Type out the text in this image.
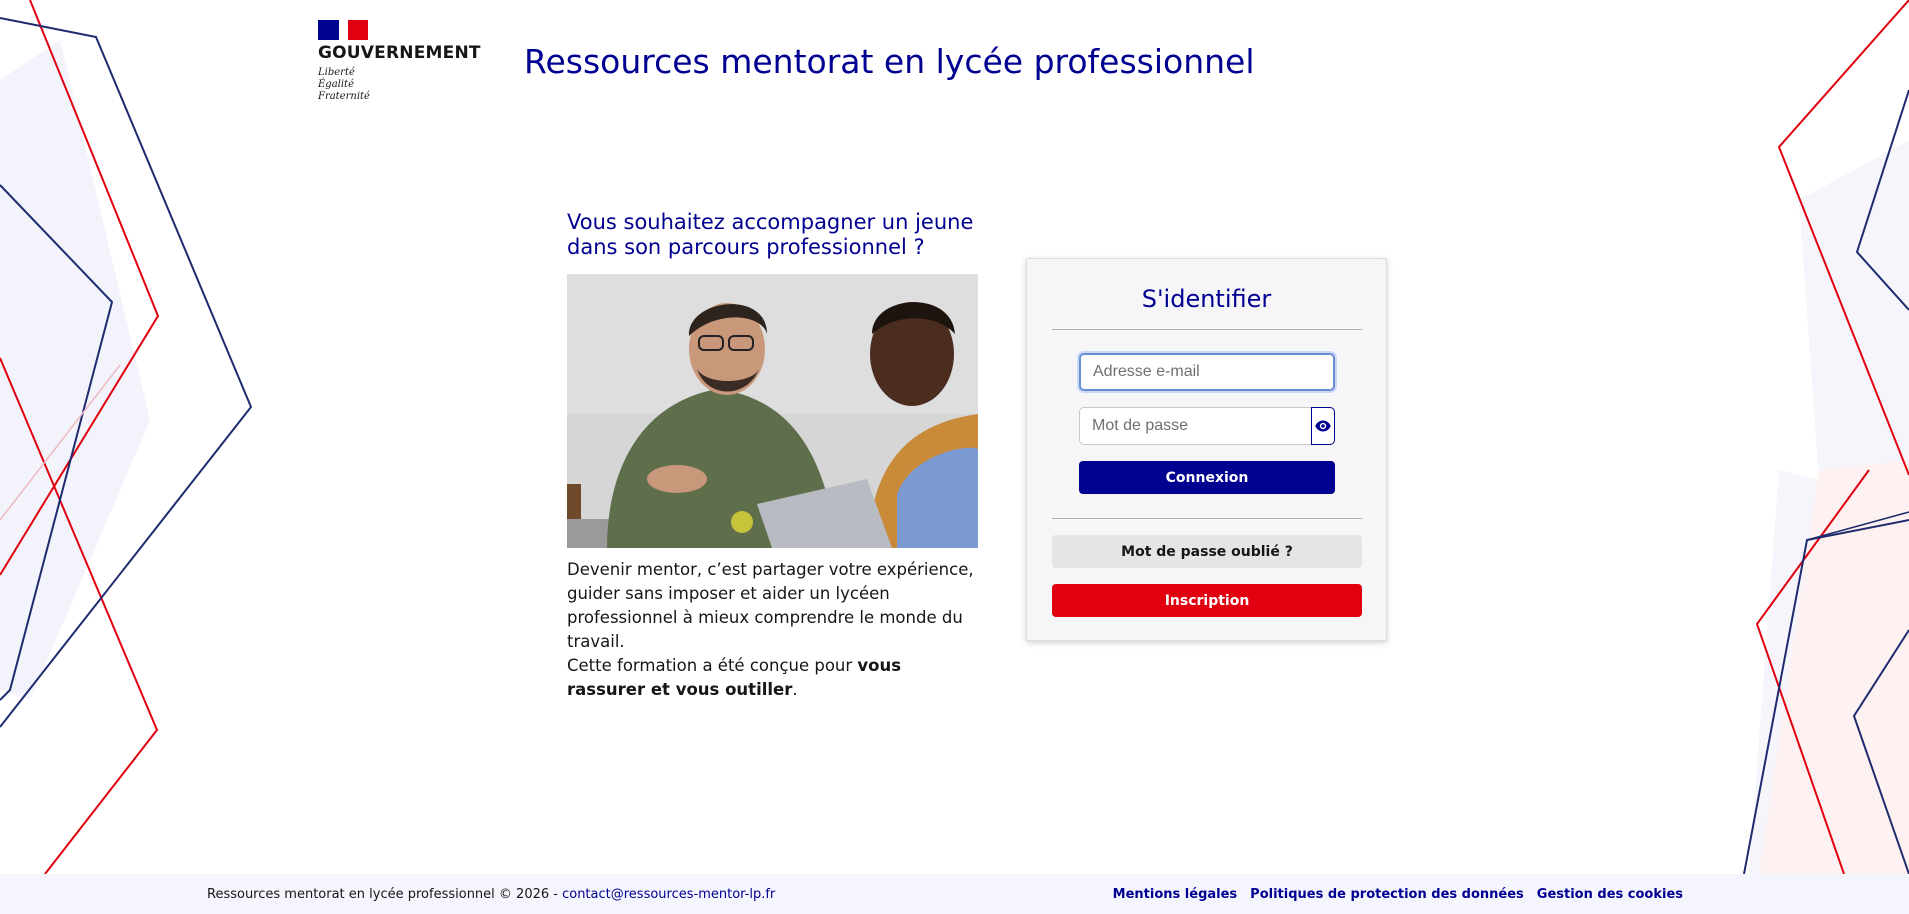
GOUVERNEMENT
Liberté
Égalité
Fraternité
Ressources mentorat en lycée professionnel
Vous souhaitez accompagner un jeune dans son parcours professionnel ?
Devenir mentor, c’est partager votre expérience, guider sans imposer et aider un lycéen professionnel à mieux comprendre le monde du travail.
Cette formation a été conçue pour vous rassurer et vous outiller.
S'identifier
Adresse e-mail
Connexion
Mot de passe oublié ?
Inscription
Ressources mentorat en lycée professionnel © 2026 - contact@ressources-mentor-lp.fr	Mentions légales Politiques de protection des données Gestion des cookies
